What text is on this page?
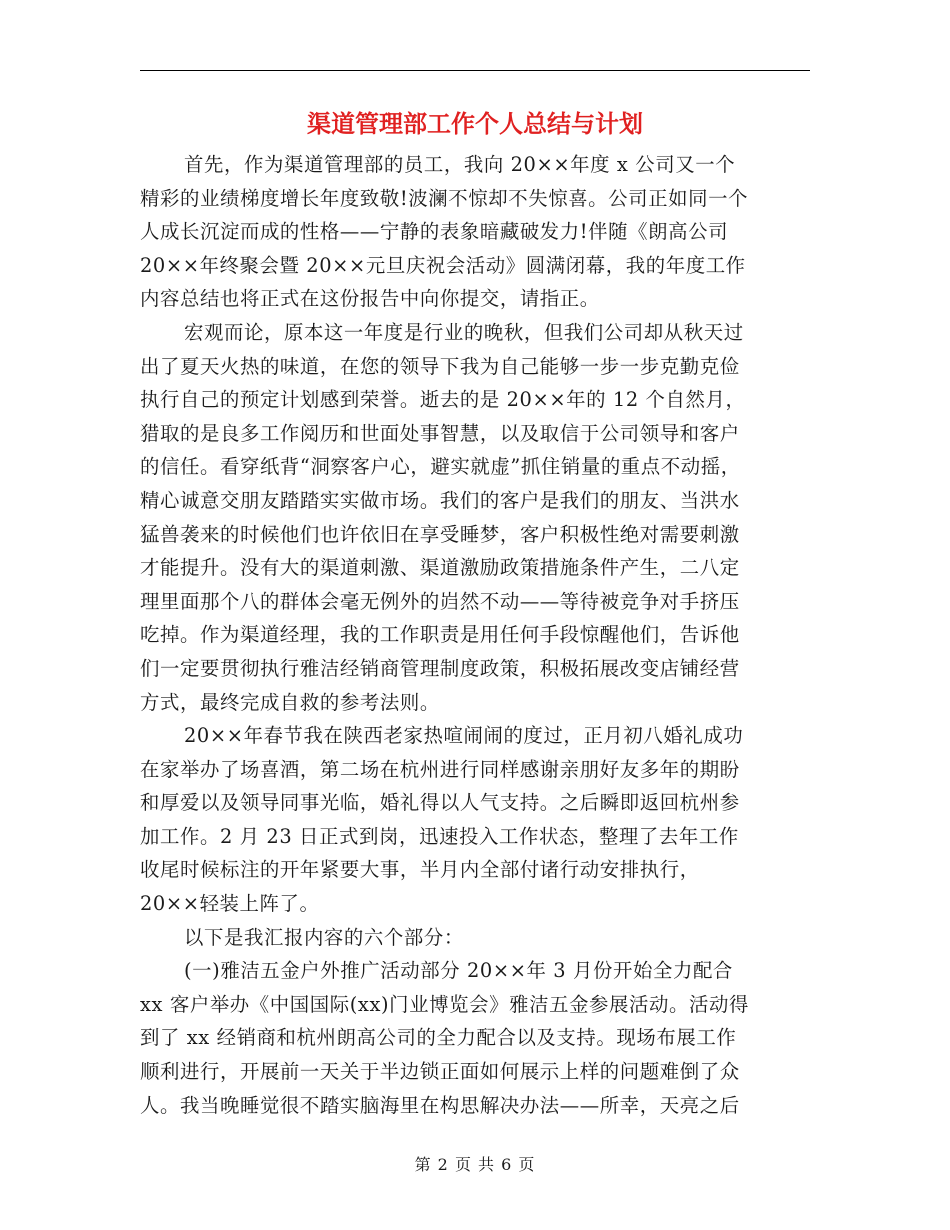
渠道管理部工作个人总结与计划

首先，作为渠道管理部的员工，我向 20××年度 x 公司又一个
精彩的业绩梯度增长年度致敬!波澜不惊却不失惊喜。公司正如同一个
人成长沉淀而成的性格——宁静的表象暗藏破发力!伴随《朗高公司
20××年终聚会暨 20××元旦庆祝会活动》圆满闭幕，我的年度工作
内容总结也将正式在这份报告中向你提交，请指正。

宏观而论，原本这一年度是行业的晚秋，但我们公司却从秋天过
出了夏天火热的味道，在您的领导下我为自己能够一步一步克勤克俭
执行自己的预定计划感到荣誉。逝去的是 20××年的 12 个自然月，
猎取的是良多工作阅历和世面处事智慧，以及取信于公司领导和客户
的信任。看穿纸背“洞察客户心，避实就虚”抓住销量的重点不动摇，
精心诚意交朋友踏踏实实做市场。我们的客户是我们的朋友、当洪水
猛兽袭来的时候他们也许依旧在享受睡梦，客户积极性绝对需要刺激
才能提升。没有大的渠道刺激、渠道激励政策措施条件产生，二八定
理里面那个八的群体会毫无例外的岿然不动——等待被竞争对手挤压
吃掉。作为渠道经理，我的工作职责是用任何手段惊醒他们，告诉他
们一定要贯彻执行雅洁经销商管理制度政策，积极拓展改变店铺经营
方式，最终完成自救的参考法则。

20××年春节我在陕西老家热喧闹闹的度过，正月初八婚礼成功
在家举办了场喜酒，第二场在杭州进行同样感谢亲朋好友多年的期盼
和厚爱以及领导同事光临，婚礼得以人气支持。之后瞬即返回杭州参
加工作。2 月 23 日正式到岗，迅速投入工作状态，整理了去年工作
收尾时候标注的开年紧要大事，半月内全部付诸行动安排执行，
20××轻装上阵了。

以下是我汇报内容的六个部分：

(一)雅洁五金户外推广活动部分 20××年 3 月份开始全力配合
xx 客户举办《中国国际(xx)门业博览会》雅洁五金参展活动。活动得
到了 xx 经销商和杭州朗高公司的全力配合以及支持。现场布展工作
顺利进行，开展前一天关于半边锁正面如何展示上样的问题难倒了众
人。我当晚睡觉很不踏实脑海里在构思解决办法——所幸，天亮之后

第 2 页 共 6 页
